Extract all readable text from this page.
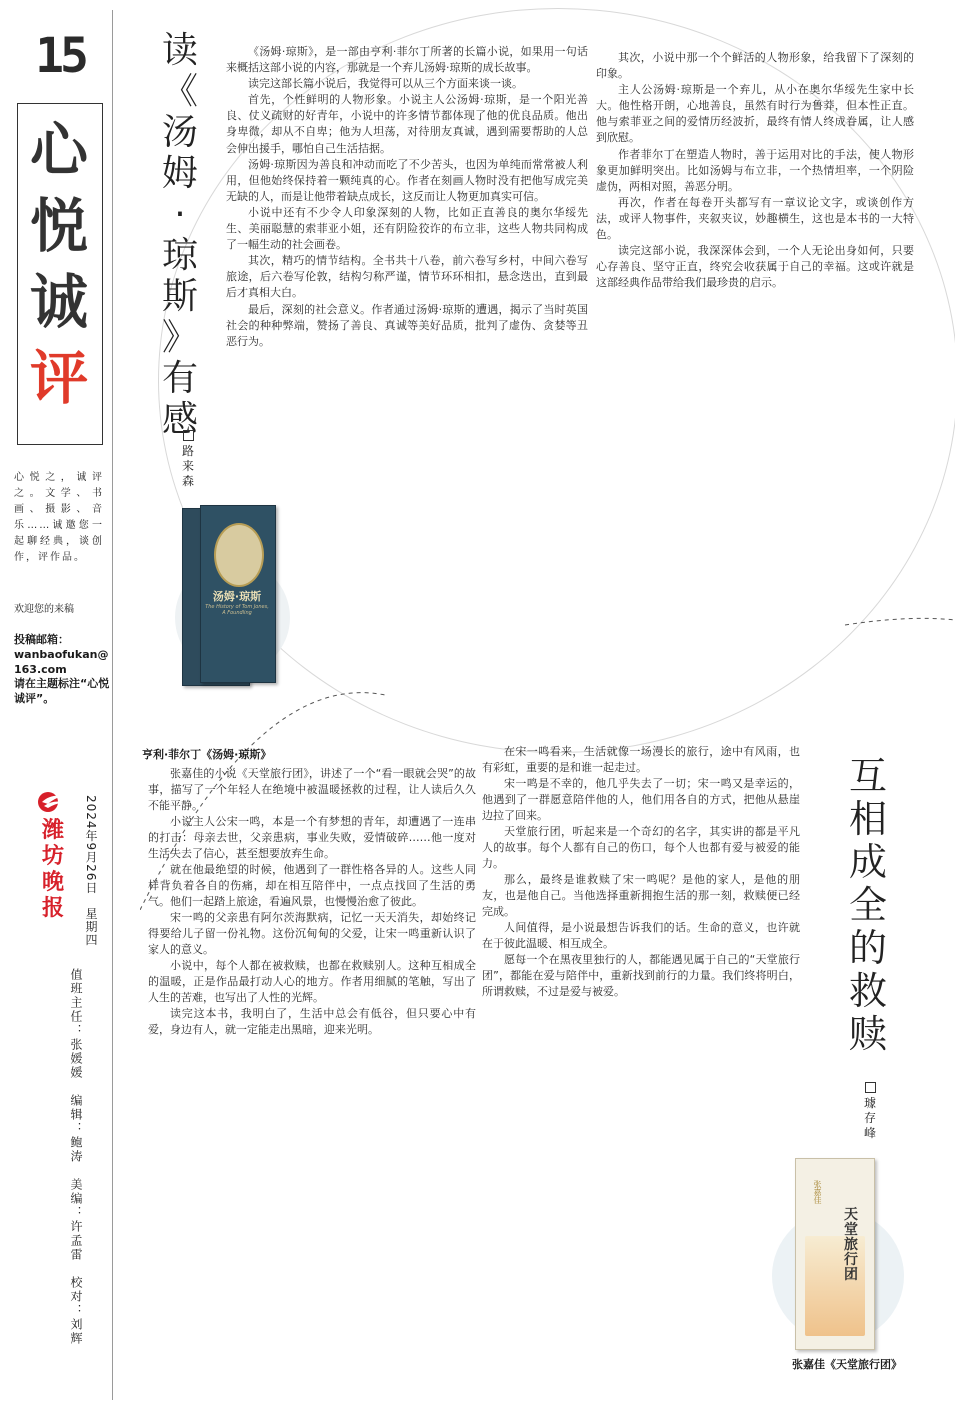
15
心
悦
诚
评
心悦之，诚评之。文学、书画、摄影、音乐……诚邀您一起聊经典，谈创作，评作品。
欢迎您的来稿
投稿邮箱：
wanbaofukan@163.com
请在主题标注“心悦诚评”。
潍
坊
晚
报 2024年9月26日　星期四
值班主任：张媛媛　编辑：鲍涛　美编：许孟雷　校对：刘辉
读
《
汤
姆
·
琼
斯
》
有
感
路
来
森

《汤姆·琼斯》，是一部由亨利·菲尔丁所著的长篇小说，如果用一句话来概括这部小说的内容，那就是一个弃儿汤姆·琼斯的成长故事。

读完这部长篇小说后，我觉得可以从三个方面来谈一谈。

首先，个性鲜明的人物形象。小说主人公汤姆·琼斯，是一个阳光善良、仗义疏财的好青年，小说中的许多情节都体现了他的优良品质。他出身卑微，却从不自卑；他为人坦荡，对待朋友真诚，遇到需要帮助的人总会伸出援手，哪怕自己生活拮据。

汤姆·琼斯因为善良和冲动而吃了不少苦头，也因为单纯而常常被人利用，但他始终保持着一颗纯真的心。作者在刻画人物时没有把他写成完美无缺的人，而是让他带着缺点成长，这反而让人物更加真实可信。

小说中还有不少令人印象深刻的人物，比如正直善良的奥尔华绥先生、美丽聪慧的索菲亚小姐，还有阴险狡诈的布立非，这些人物共同构成了一幅生动的社会画卷。

其次，精巧的情节结构。全书共十八卷，前六卷写乡村，中间六卷写旅途，后六卷写伦敦，结构匀称严谨，情节环环相扣，悬念迭出，直到最后才真相大白。

最后，深刻的社会意义。作者通过汤姆·琼斯的遭遇，揭示了当时英国社会的种种弊端，赞扬了善良、真诚等美好品质，批判了虚伪、贪婪等丑恶行为。

其次，小说中那一个个鲜活的人物形象，给我留下了深刻的印象。

主人公汤姆·琼斯是一个弃儿，从小在奥尔华绥先生家中长大。他性格开朗，心地善良，虽然有时行为鲁莽，但本性正直。他与索菲亚之间的爱情历经波折，最终有情人终成眷属，让人感到欣慰。

作者菲尔丁在塑造人物时，善于运用对比的手法，使人物形象更加鲜明突出。比如汤姆与布立非，一个热情坦率，一个阴险虚伪，两相对照，善恶分明。

再次，作者在每卷开头都写有一章议论文字，或谈创作方法，或评人物事件，夹叙夹议，妙趣横生，这也是本书的一大特色。

读完这部小说，我深深体会到，一个人无论出身如何，只要心存善良、坚守正直，终究会收获属于自己的幸福。这或许就是这部经典作品带给我们最珍贵的启示。

汤姆·琼斯
The History of Tom Jones, A Foundling
亨利·菲尔丁《汤姆·琼斯》

张嘉佳的小说《天堂旅行团》，讲述了一个“看一眼就会哭”的故事，描写了一个年轻人在绝境中被温暖拯救的过程，让人读后久久不能平静。

小说主人公宋一鸣，本是一个有梦想的青年，却遭遇了一连串的打击：母亲去世，父亲患病，事业失败，爱情破碎……他一度对生活失去了信心，甚至想要放弃生命。

就在他最绝望的时候，他遇到了一群性格各异的人。这些人同样背负着各自的伤痛，却在相互陪伴中，一点点找回了生活的勇气。他们一起踏上旅途，看遍风景，也慢慢治愈了彼此。

宋一鸣的父亲患有阿尔茨海默病，记忆一天天消失，却始终记得要给儿子留一份礼物。这份沉甸甸的父爱，让宋一鸣重新认识了家人的意义。

小说中，每个人都在被救赎，也都在救赎别人。这种互相成全的温暖，正是作品最打动人心的地方。作者用细腻的笔触，写出了人生的苦难，也写出了人性的光辉。

读完这本书，我明白了，生活中总会有低谷，但只要心中有爱，身边有人，就一定能走出黑暗，迎来光明。

在宋一鸣看来，生活就像一场漫长的旅行，途中有风雨，也有彩虹，重要的是和谁一起走过。

宋一鸣是不幸的，他几乎失去了一切；宋一鸣又是幸运的，他遇到了一群愿意陪伴他的人，他们用各自的方式，把他从悬崖边拉了回来。

天堂旅行团，听起来是一个奇幻的名字，其实讲的都是平凡人的故事。每个人都有自己的伤口，每个人也都有爱与被爱的能力。

那么，最终是谁救赎了宋一鸣呢？是他的家人，是他的朋友，也是他自己。当他选择重新拥抱生活的那一刻，救赎便已经完成。

人间值得，是小说最想告诉我们的话。生命的意义，也许就在于彼此温暖、相互成全。

愿每一个在黑夜里独行的人，都能遇见属于自己的“天堂旅行团”，都能在爱与陪伴中，重新找到前行的力量。我们终将明白，所谓救赎，不过是爱与被爱。

互
相
成
全
的
救
赎
璩
存
峰
张嘉佳
天
堂
旅
行
团
张嘉佳《天堂旅行团》
